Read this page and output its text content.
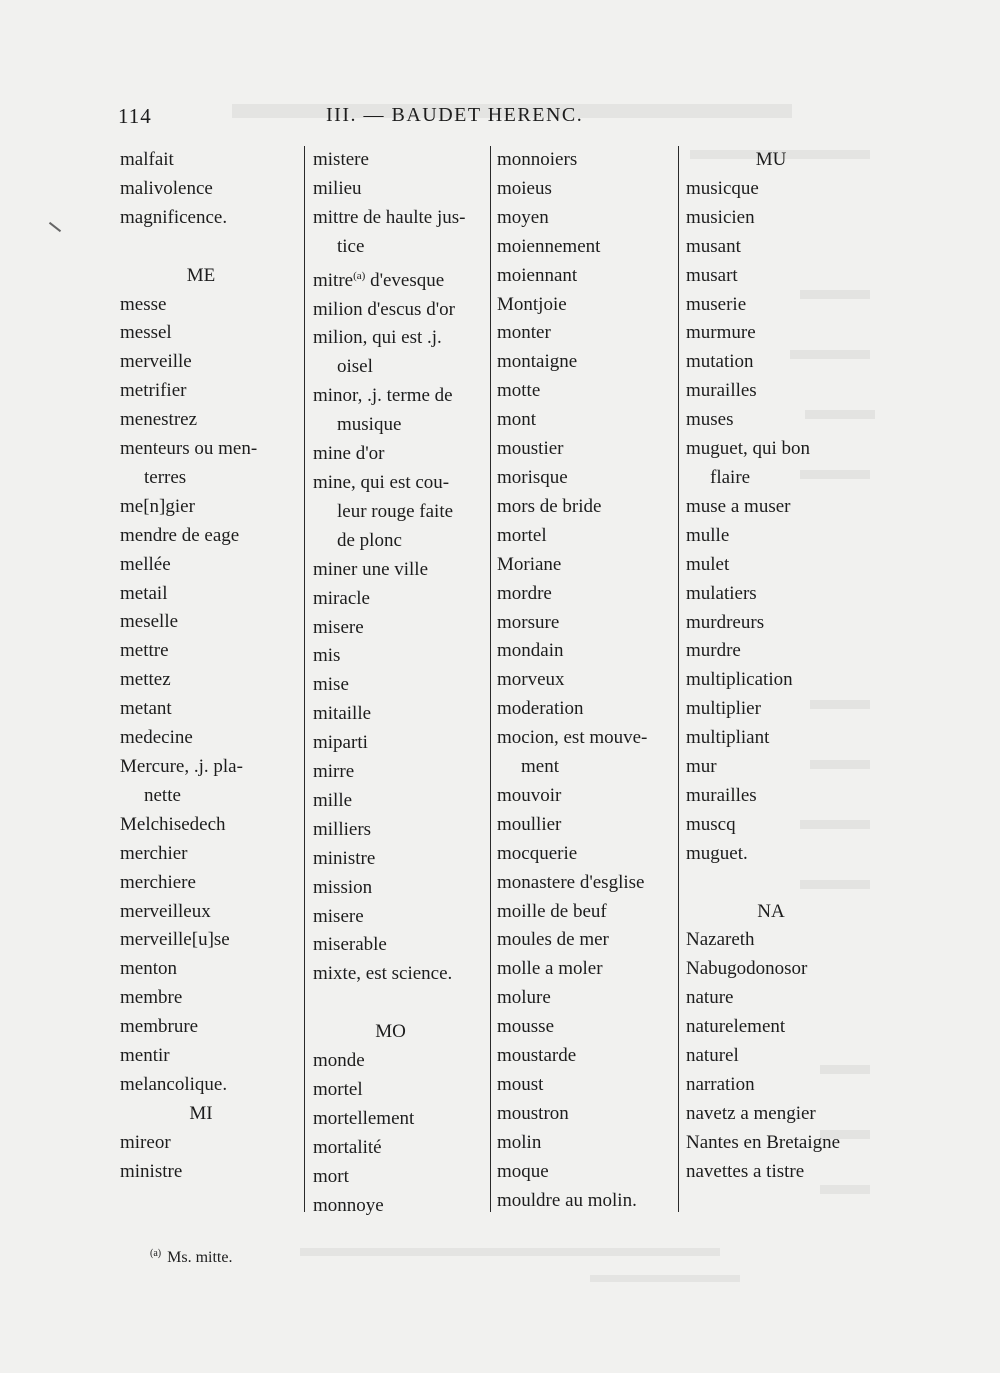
114	III. — BAUDET HERENC.
malfait
malivolence
magnificence.
ME
messe
messel
merveille
metrifier
menestrez
menteurs ou men-
terres
me[n]gier
mendre de eage
mellée
metail
meselle
mettre
mettez
metant
medecine
Mercure, .j. pla-
nette
Melchisedech
merchier
merchiere
merveilleux
merveille[u]se
menton
membre
membrure
mentir
melancolique.
MI
mireor
ministre
mistere
milieu
mittre de haulte jus-
tice
mitre$^{(a)}$ d'evesque
milion d'escus d'or
milion, qui est .j.
oisel
minor, .j. terme de
musique
mine d'or
mine, qui est cou-
leur rouge faite
de plonc
miner une ville
miracle
misere
mis
mise
mitaille
miparti
mirre
mille
milliers
ministre
mission
misere
miserable
mixte, est science.
MO
monde
mortel
mortellement
mortalité
mort
monnoye
monnoiers
moieus
moyen
moiennement
moiennant
Montjoie
monter
montaigne
motte
mont
moustier
morisque
mors de bride
mortel
Moriane
mordre
morsure
mondain
morveux
moderation
mocion, est mouve-
ment
mouvoir
moullier
mocquerie
monastere d'esglise
moille de beuf
moules de mer
molle a moler
molure
mousse
moustarde
moust
moustron
molin
moque
mouldre au molin.
MU
musicque
musicien
musant
musart
muserie
murmure
mutation
murailles
muses
muguet, qui bon
flaire
muse a muser
mulle
mulet
mulatiers
murdreurs
murdre
multiplication
multiplier
multipliant
mur
murailles
muscq
muguet.
NA
Nazareth
Nabugodonosor
nature
naturelement
naturel
narration
navetz a mengier
Nantes en Bretaigne
navettes a tistre
$^{(a)}$ Ms. mitte.
